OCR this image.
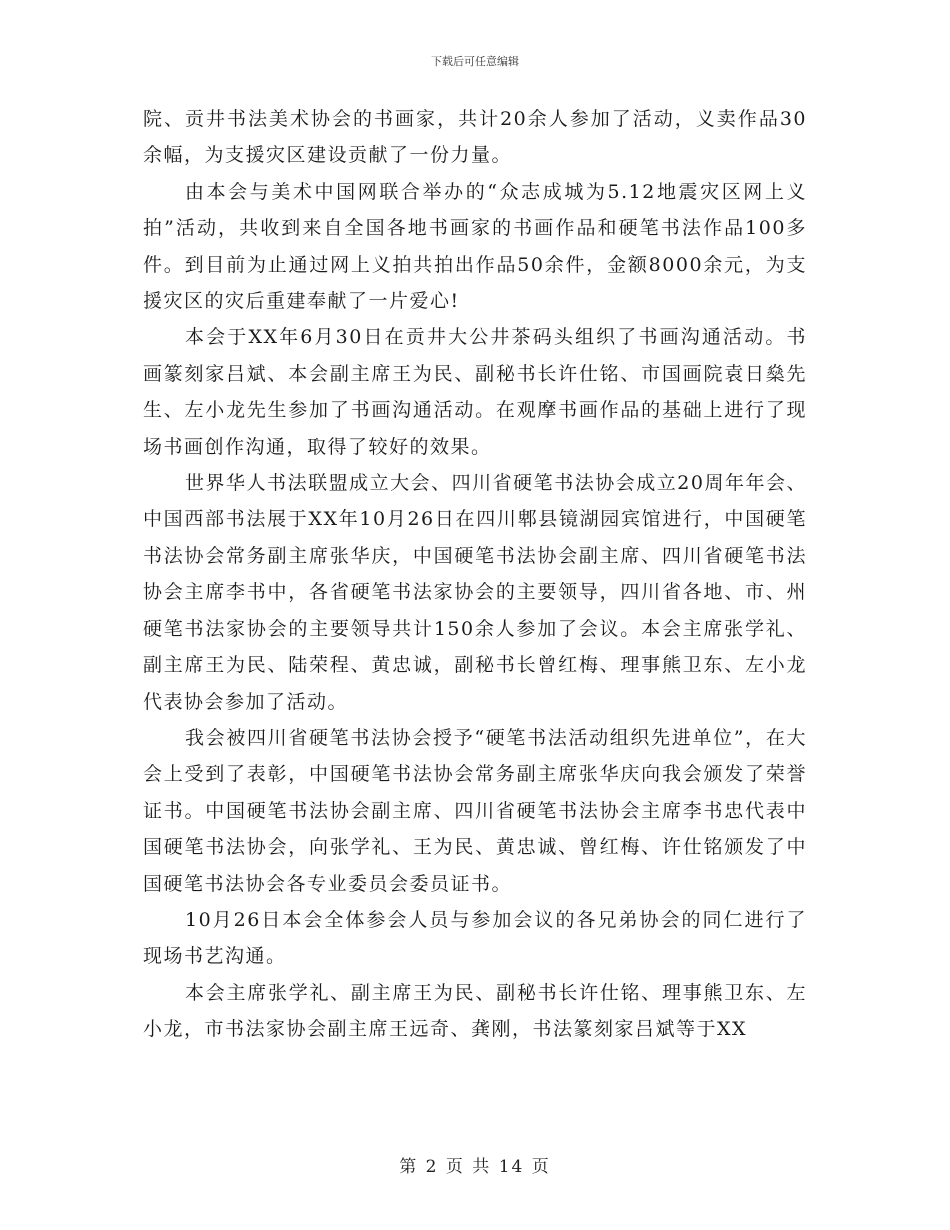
下载后可任意编辑

院、贡井书法美术协会的书画家，共计20余人参加了活动，义卖作品30余幅，为支援灾区建设贡献了一份力量。

由本会与美术中国网联合举办的“众志成城为5.12地震灾区网上义拍”活动，共收到来自全国各地书画家的书画作品和硬笔书法作品100多件。到目前为止通过网上义拍共拍出作品50余件，金额8000余元，为支援灾区的灾后重建奉献了一片爱心!

本会于XX年6月30日在贡井大公井茶码头组织了书画沟通活动。书画篆刻家吕斌、本会副主席王为民、副秘书长许仕铭、市国画院袁日燊先生、左小龙先生参加了书画沟通活动。在观摩书画作品的基础上进行了现场书画创作沟通，取得了较好的效果。

世界华人书法联盟成立大会、四川省硬笔书法协会成立20周年年会、中国西部书法展于XX年10月26日在四川郫县镜湖园宾馆进行，中国硬笔书法协会常务副主席张华庆，中国硬笔书法协会副主席、四川省硬笔书法协会主席李书中，各省硬笔书法家协会的主要领导，四川省各地、市、州硬笔书法家协会的主要领导共计150余人参加了会议。本会主席张学礼、副主席王为民、陆荣程、黄忠诚，副秘书长曾红梅、理事熊卫东、左小龙代表协会参加了活动。

我会被四川省硬笔书法协会授予“硬笔书法活动组织先进单位”，在大会上受到了表彰，中国硬笔书法协会常务副主席张华庆向我会颁发了荣誉证书。中国硬笔书法协会副主席、四川省硬笔书法协会主席李书忠代表中国硬笔书法协会，向张学礼、王为民、黄忠诚、曾红梅、许仕铭颁发了中国硬笔书法协会各专业委员会委员证书。

10月26日本会全体参会人员与参加会议的各兄弟协会的同仁进行了现场书艺沟通。

本会主席张学礼、副主席王为民、副秘书长许仕铭、理事熊卫东、左小龙，市书法家协会副主席王远奇、龚刚，书法篆刻家吕斌等于XX

第 2 页 共 14 页
